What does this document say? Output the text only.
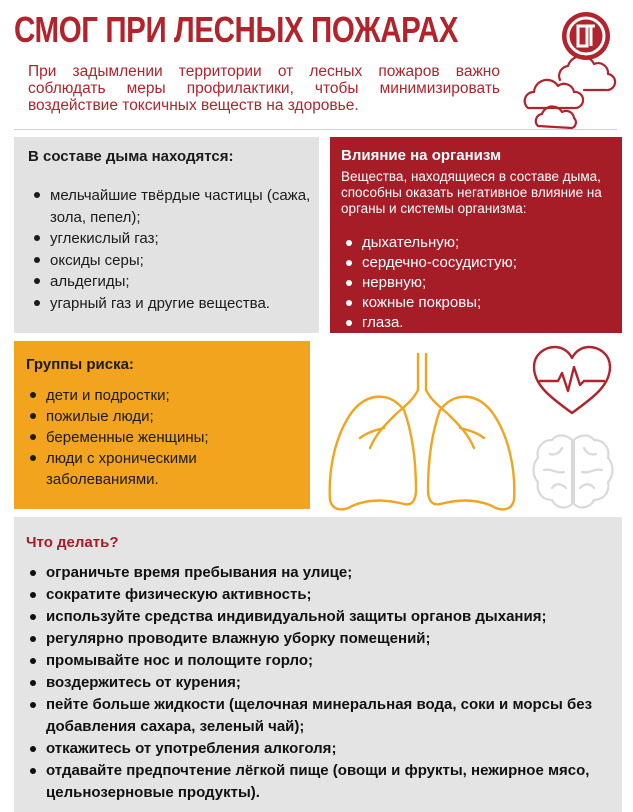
СМОГ ПРИ ЛЕСНЫХ ПОЖАРАХ
При задымлении территории от лесных пожаров важно соблюдать меры профилактики, чтобы минимизировать воздействие токсичных веществ на здоровье.

В составе дыма находятся:

мельчайшие твёрдые частицы (сажа, зола, пепел);
углекислый газ;
оксиды серы;
альдегиды;
угарный газ и другие вещества.

Влияние на организм

Вещества, находящиеся в составе дыма, способны оказать негативное влияние на органы и системы организма:
дыхательную;
сердечно-сосудистую;
нервную;
кожные покровы;
глаза.

Группы риска:

дети и подростки;
пожилые люди;
беременные женщины;
люди с хроническими заболеваниями.

Что делать?

ограничьте время пребывания на улице;
сократите физическую активность;
используйте средства индивидуальной защиты органов дыхания;
регулярно проводите влажную уборку помещений;
промывайте нос и полощите горло;
воздержитесь от курения;
пейте больше жидкости (щелочная минеральная вода, соки и морсы без добавления сахара, зеленый чай);
откажитесь от употребления алкоголя;
отдавайте предпочтение лёгкой пище (овощи и фрукты, нежирное мясо, цельнозерновые продукты).
